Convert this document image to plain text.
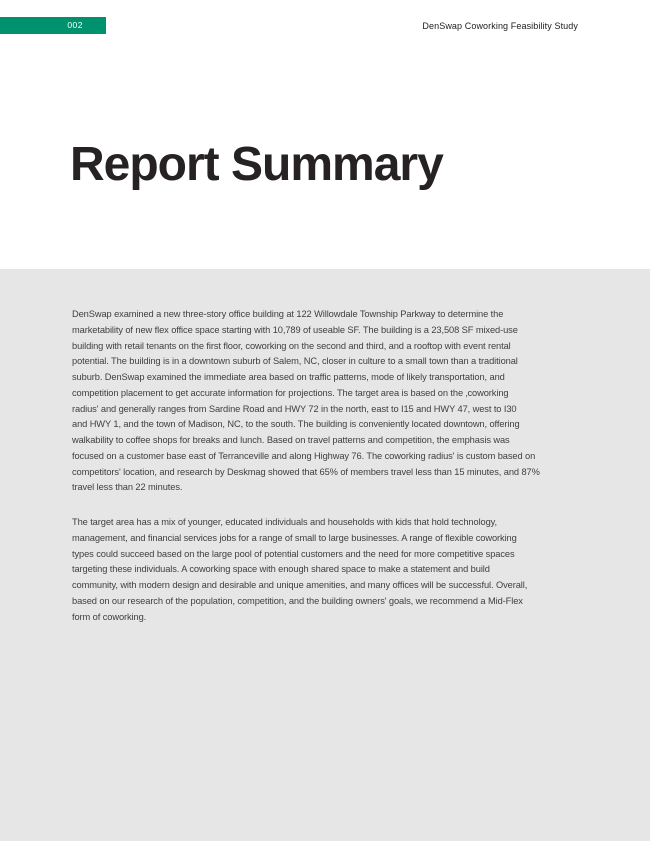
002	DenSwap Coworking Feasibility Study
Report Summary
DenSwap examined a new three-story office building at 122 Willowdale Township Parkway to determine the
marketability of new flex office space starting with 10,789 of useable SF. The building is a 23,508 SF mixed-use
building with retail tenants on the first floor, coworking on the second and third, and a rooftop with event rental
potential. The building is in a downtown suburb of Salem, NC, closer in culture to a small town than a traditional
suburb. DenSwap examined the immediate area based on traffic patterns, mode of likely transportation, and
competition placement to get accurate information for projections. The target area is based on the ‚coworking
radius' and generally ranges from Sardine Road and HWY 72 in the north, east to I15 and HWY 47, west to I30
and HWY 1, and the town of Madison, NC, to the south. The building is conveniently located downtown, offering
walkability to coffee shops for breaks and lunch. Based on travel patterns and competition, the emphasis was
focused on a customer base east of Terranceville and along Highway 76. The coworking radius' is custom based on
competitors' location, and research by Deskmag showed that 65% of members travel less than 15 minutes, and 87%
travel less than 22 minutes.
The target area has a mix of younger, educated individuals and households with kids that hold technology,
management, and financial services jobs for a range of small to large businesses. A range of flexible coworking
types could succeed based on the large pool of potential customers and the need for more competitive spaces
targeting these individuals. A coworking space with enough shared space to make a statement and build
community, with modern design and desirable and unique amenities, and many offices will be successful. Overall,
based on our research of the population, competition, and the building owners' goals, we recommend a Mid-Flex
form of coworking.
